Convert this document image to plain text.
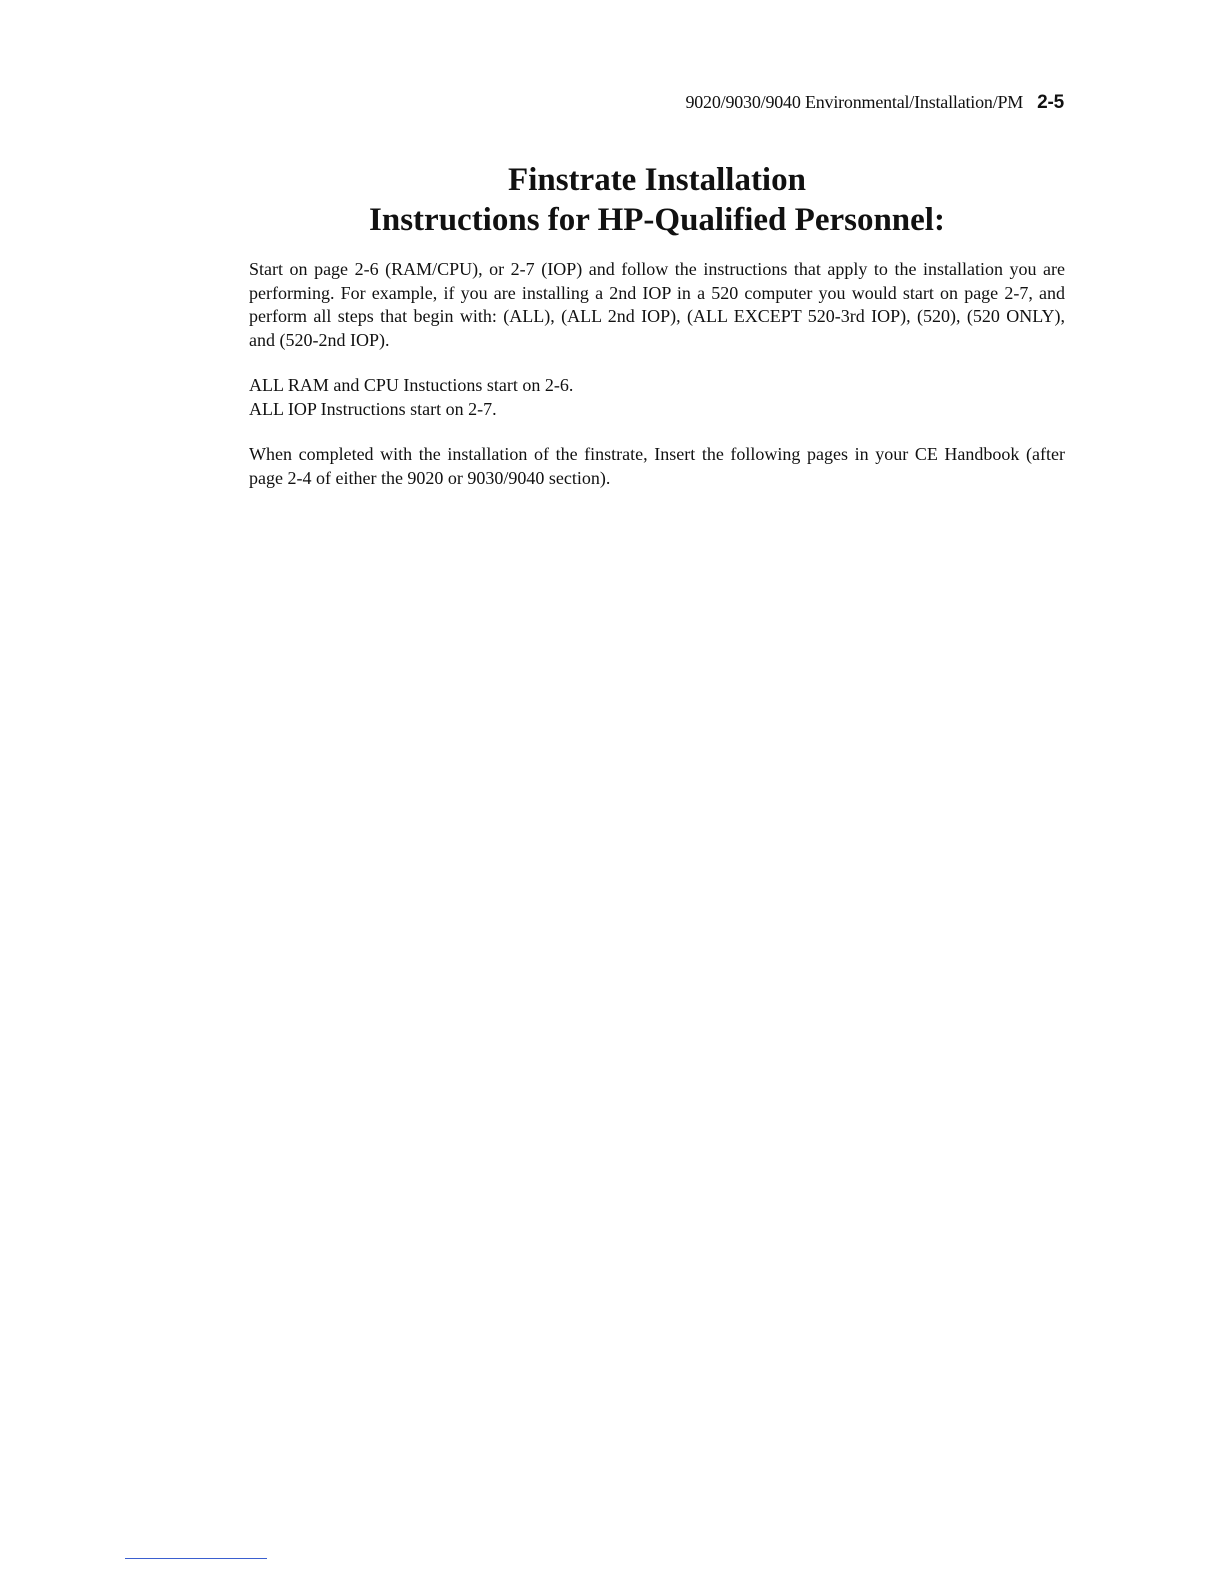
9020/9030/9040 Environmental/Installation/PM 2-5
Finstrate Installation
Instructions for HP-Qualified Personnel:
Start on page 2-6 (RAM/CPU), or 2-7 (IOP) and follow the instructions that apply to the installation you are performing. For example, if you are installing a 2nd IOP in a 520 computer you would start on page 2-7, and perform all steps that begin with: (ALL), (ALL 2nd IOP), (ALL EXCEPT 520-3rd IOP), (520), (520 ONLY), and (520-2nd IOP).
ALL RAM and CPU Instuctions start on 2-6.
ALL IOP Instructions start on 2-7.
When completed with the installation of the finstrate, Insert the following pages in your CE Handbook (after page 2-4 of either the 9020 or 9030/9040 section).
